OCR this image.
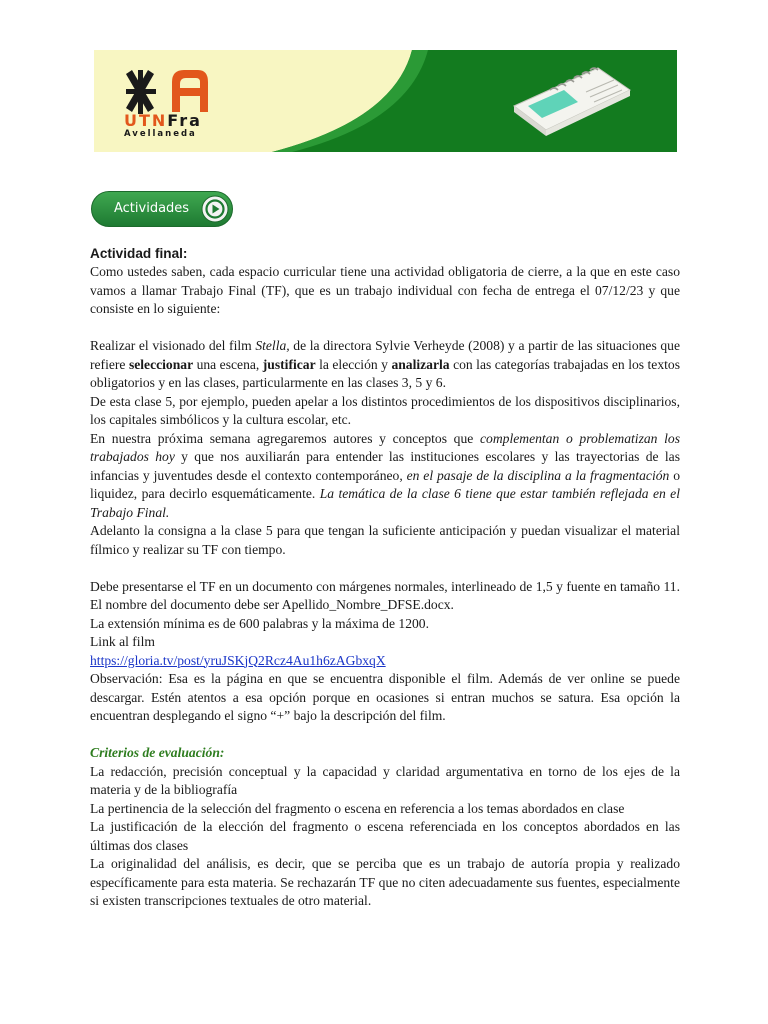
UTNFra
Avellaneda
Actividades

Actividad final:

Como ustedes saben, cada espacio curricular tiene una actividad obligatoria de cierre, a la que en este caso vamos a llamar Trabajo Final (TF), que es un trabajo individual con fecha de entrega el 07/12/23 y que consiste en lo siguiente:

Realizar el visionado del film Stella, de la directora Sylvie Verheyde (2008) y a partir de las situaciones que refiere seleccionar una escena, justificar la elección y analizarla con las categorías trabajadas en los textos obligatorios y en las clases, particularmente en las clases 3, 5 y 6.

De esta clase 5, por ejemplo, pueden apelar a los distintos procedimientos de los dispositivos disciplinarios, los capitales simbólicos y la cultura escolar, etc.

En nuestra próxima semana agregaremos autores y conceptos que complementan o problematizan los trabajados hoy y que nos auxiliarán para entender las instituciones escolares y las trayectorias de las infancias y juventudes desde el contexto contemporáneo, en el pasaje de la disciplina a la fragmentación o liquidez, para decirlo esquemáticamente. La temática de la clase 6 tiene que estar también reflejada en el Trabajo Final.

Adelanto la consigna a la clase 5 para que tengan la suficiente anticipación y puedan visualizar el material fílmico y realizar su TF con tiempo.

Debe presentarse el TF en un documento con márgenes normales, interlineado de 1,5 y fuente en tamaño 11. El nombre del documento debe ser Apellido_Nombre_DFSE.docx.

La extensión mínima es de 600 palabras y la máxima de 1200.

Link al film

https://gloria.tv/post/yruJSKjQ2Rcz4Au1h6zAGbxqX

Observación: Esa es la página en que se encuentra disponible el film. Además de ver online se puede descargar. Estén atentos a esa opción porque en ocasiones si entran muchos se satura. Esa opción la encuentran desplegando el signo “+” bajo la descripción del film.

Criterios de evaluación:

La redacción, precisión conceptual y la capacidad y claridad argumentativa en torno de los ejes de la materia y de la bibliografía

La pertinencia de la selección del fragmento o escena en referencia a los temas abordados en clase

La justificación de la elección del fragmento o escena referenciada en los conceptos abordados en las últimas dos clases

La originalidad del análisis, es decir, que se perciba que es un trabajo de autoría propia y realizado específicamente para esta materia. Se rechazarán TF que no citen adecuadamente sus fuentes, especialmente si existen transcripciones textuales de otro material.
